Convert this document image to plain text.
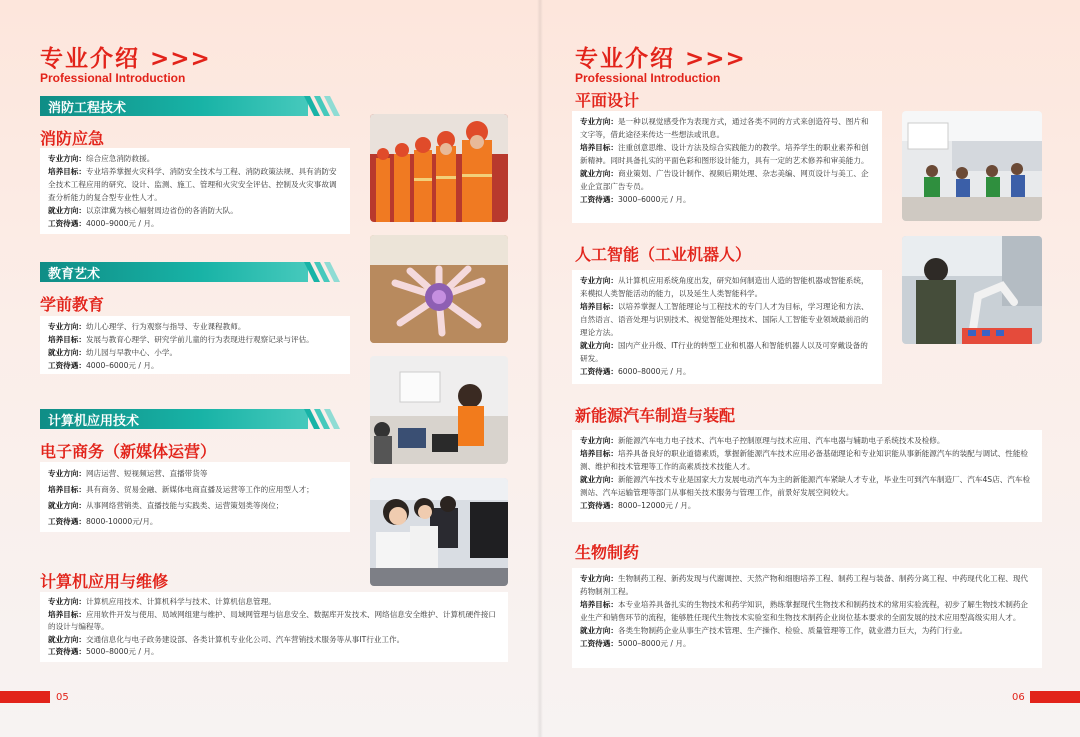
专业介绍 >>>
Professional Introduction
消防工程技术
消防应急

专业方向：综合应急消防救援。

培养目标：专业培养掌握火灾科学、消防安全技术与工程、消防政策法规、具有消防安全技术工程应用的研究、设计、监测、施工、管理和火灾安全评估、控制及火灾事故调查分析能力的复合型专业性人才。

就业方向：以京津冀为核心辐射周边省份的各消防大队。

工资待遇：4000–9000元 / 月。

教育艺术
学前教育

专业方向：幼儿心理学、行为观察与指导、专业课程教师。

培养目标：发展与教育心理学、研究学前儿童的行为表现进行观察记录与评估。

就业方向：幼儿园与早教中心、小学。

工资待遇：4000–6000元 / 月。

计算机应用技术
电子商务（新媒体运营）

专业方向：网店运营、短视频运营、直播带货等

培养目标：具有商务、贸易金融、新媒体电商直播及运营等工作的应用型人才；

就业方向：从事网络营销类、直播技能与实践类、运营策划类等岗位；

工资待遇：8000-10000元/月。

计算机应用与维修

专业方向：计算机应用技术、计算机科学与技术、计算机信息管理。

培养目标：应用软件开发与使用、局域网组建与维护、局域网管理与信息安全、数据库开发技术、网络信息安全维护、计算机硬件接口的设计与编程等。

就业方向：交通信息化与电子政务建设部、各类计算机专业化公司、汽车营销技术服务等从事IT行业工作。

工资待遇：5000–8000元 / 月。

05
专业介绍 >>>
Professional Introduction
平面设计

专业方向：是一种以视觉感受作为表现方式，通过各类不同的方式来创造符号、图片和文字等，借此途径来传达一些想法或讯息。

培养目标：注重创意思维、设计方法及综合实践能力的教学。培养学生的职业素养和创新精神。同时具备扎实的平面色彩和图形设计能力，具有一定的艺术修养和审美能力。

就业方向：商业策划、广告设计制作、视频后期处理、杂志美编、网页设计与美工、企业企宣部广告专员。

工资待遇：3000–6000元 / 月。

人工智能（工业机器人）

专业方向：从计算机应用系统角度出发，研究如何制造出人造的智能机器或智能系统，来模拟人类智能活动的能力，以及延生人类智能科学。

培养目标：以培养掌握人工智能理论与工程技术的专门人才为目标，学习理论和方法、自然语言、语音处理与识别技术、视觉智能处理技术、国际人工智能专业领域最前沿的理论方法。

就业方向：国内产业升级、IT行业的转型工业和机器人和智能机器人以及可穿戴设备的研发。

工资待遇：6000–8000元 / 月。

新能源汽车制造与装配

专业方向：新能源汽车电力电子技术、汽车电子控制原理与技术应用、汽车电器与辅助电子系统技术及检修。

培养目标：培养具备良好的职业道德素质，掌握新能源汽车技术应用必备基础理论和专业知识能从事新能源汽车的装配与调试、性能检测、维护和技术管理等工作的高素质技术技能人才。

就业方向：新能源汽车技术专业是国家大力发展电动汽车为主的新能源汽车紧缺人才专业，毕业生可到汽车制造厂、汽车4S店、汽车检测站、汽车运输管理等部门从事相关技术服务与管理工作，前景好发展空间较大。

工资待遇：8000–12000元 / 月。

生物制药

专业方向：生物制药工程、新药发现与代谢调控、天然产物和细胞培养工程、制药工程与装备、制药分离工程、中药现代化工程、现代药物制剂工程。

培养目标：本专业培养具备扎实的生物技术和药学知识，熟练掌握现代生物技术和制药技术的常用实验流程，初步了解生物技术制药企业生产和销售环节的流程，能够胜任现代生物技术实验室和生物技术制药企业岗位基本要求的全面发展的技术应用型高级实用人才。

就业方向：各类生物制药企业从事生产技术管理、生产操作、检验、质量管理等工作，就业潜力巨大，为药门行业。

工资待遇：5000–8000元 / 月。

06
